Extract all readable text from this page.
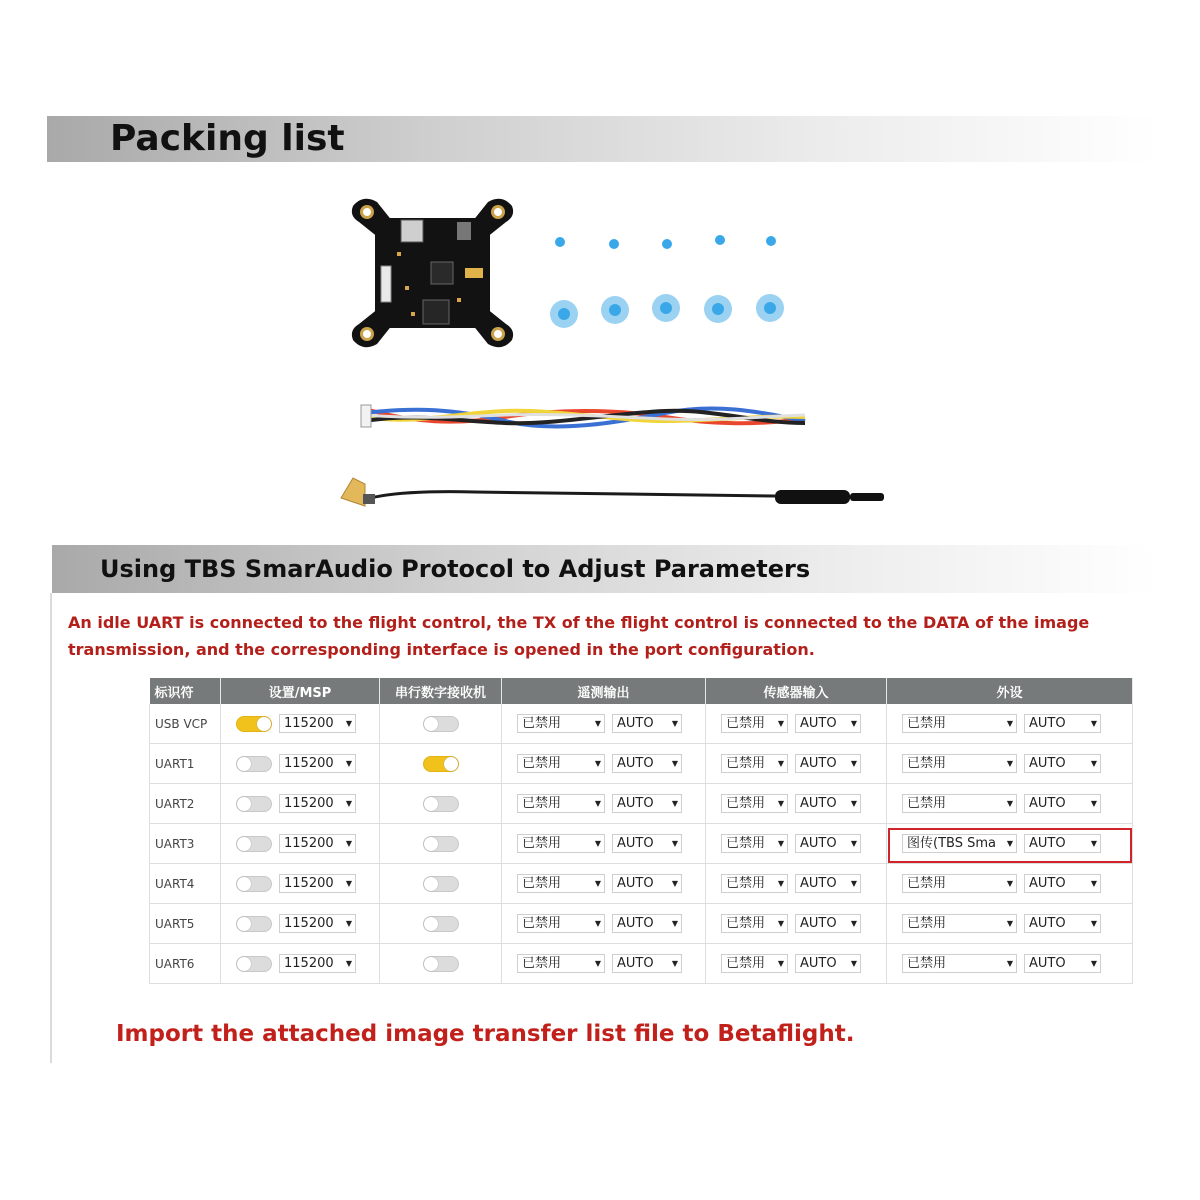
Packing list
Using TBS SmarAudio Protocol to Adjust Parameters

An idle UART is connected to the flight control, the TX of the flight control is connected to the DATA of the image transmission, and the corresponding interface is opened in the port configuration.

标识符	设置/MSP	串行数字接收机	遥测输出	传感器输入	外设
USB VCP	115200 ▼		已禁用 ▼ AUTO ▼	已禁用 ▼ AUTO ▼	已禁用 ▼ AUTO ▼

UART1	115200 ▼		已禁用 ▼ AUTO ▼	已禁用 ▼ AUTO ▼	已禁用 ▼ AUTO ▼

UART2	115200 ▼		已禁用 ▼ AUTO ▼	已禁用 ▼ AUTO ▼	已禁用 ▼ AUTO ▼

UART3	115200 ▼		已禁用 ▼ AUTO ▼	已禁用 ▼ AUTO ▼	图传(TBS Sma ▼ AUTO ▼

UART4	115200 ▼		已禁用 ▼ AUTO ▼	已禁用 ▼ AUTO ▼	已禁用 ▼ AUTO ▼

UART5	115200 ▼		已禁用 ▼ AUTO ▼	已禁用 ▼ AUTO ▼	已禁用 ▼ AUTO ▼

UART6	115200 ▼		已禁用 ▼ AUTO ▼	已禁用 ▼ AUTO ▼	已禁用 ▼ AUTO ▼

Import the attached image transfer list file to Betaflight.
